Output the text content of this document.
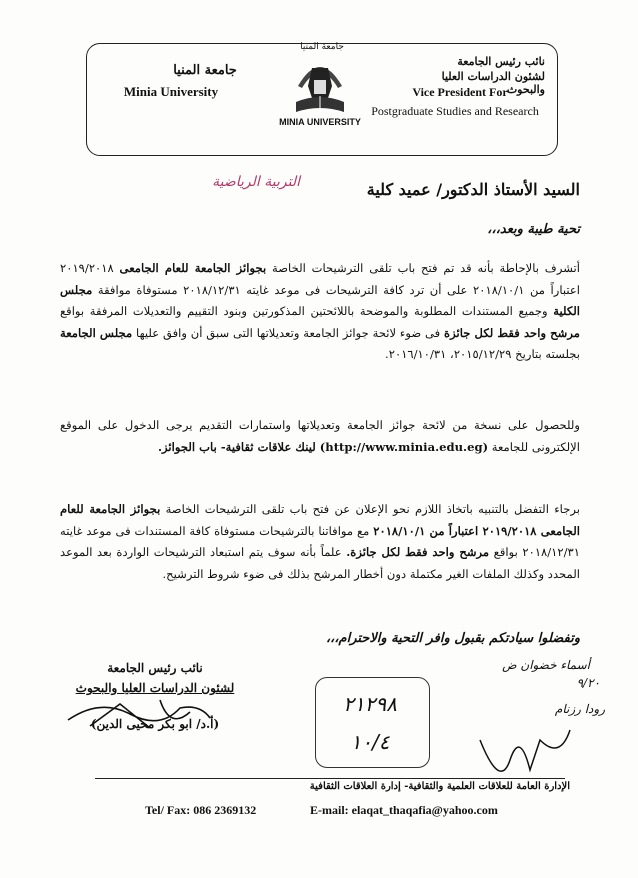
جامعة المنيا
Minia University
جامعة المنيا
MINIA UNIVERSITY
نائب رئيس الجامعة
لشئون الدراسات العليا والبحوث
Vice President For
Postgraduate Studies and Research
السيد الأستاذ الدكتور/ عميد كلية
التربية الرياضية
تحية طيبة وبعد،،،
أتشرف بالإحاطة بأنه قد تم فتح باب تلقى الترشيحات الخاصة بجوائز الجامعة للعام الجامعى ٢٠١٩/٢٠١٨ اعتباراً من ٢٠١٨/١٠/١ على أن ترد كافة الترشيحات فى موعد غايته ٢٠١٨/١٢/٣١ مستوفاة موافقة مجلس الكلية وجميع المستندات المطلوبة والموضحة باللائحتين المذكورتين وبنود التقييم والتعديلات المرفقة بواقع مرشح واحد فقط لكل جائزة فى ضوء لائحة جوائز الجامعة وتعديلاتها التى سبق أن وافق عليها مجلس الجامعة بجلسته بتاريخ ٢٠١٥/١٢/٢٩، ٢٠١٦/١٠/٣١.
وللحصول على نسخة من لائحة جوائز الجامعة وتعديلاتها واستمارات التقديم يرجى الدخول على الموقع الإلكترونى للجامعة (http://www.minia.edu.eg) لينك علاقات ثقافية- باب الجوائز.
برجاء التفضل بالتنبيه باتخاذ اللازم نحو الإعلان عن فتح باب تلقى الترشيحات الخاصة بجوائز الجامعة للعام الجامعى ٢٠١٩/٢٠١٨ اعتباراً من ٢٠١٨/١٠/١ مع موافاتنا بالترشيحات مستوفاة كافة المستندات فى موعد غايته ٢٠١٨/١٢/٣١ بواقع مرشح واحد فقط لكل جائزة. علماً بأنه سوف يتم استبعاد الترشيحات الواردة بعد الموعد المحدد وكذلك الملفات الغير مكتملة دون أخطار المرشح بذلك فى ضوء شروط الترشيح.
وتفضلوا سيادتكم بقبول وافر التحية والاحترام،،،
نائب رئيس الجامعة
لشئون الدراسات العليا والبحوث
(أ.د/ ابو بكر محيى الدين)
٢١٢٩٨
١٠/٤
أسماء خضوان ض
٩/٢٠
رودا رزنام
الإدارة العامة للعلاقات العلمية والثقافية- إدارة العلاقات الثقافية
Tel/ Fax: 086 2369132	E-mail: elaqat_thaqafia@yahoo.com
